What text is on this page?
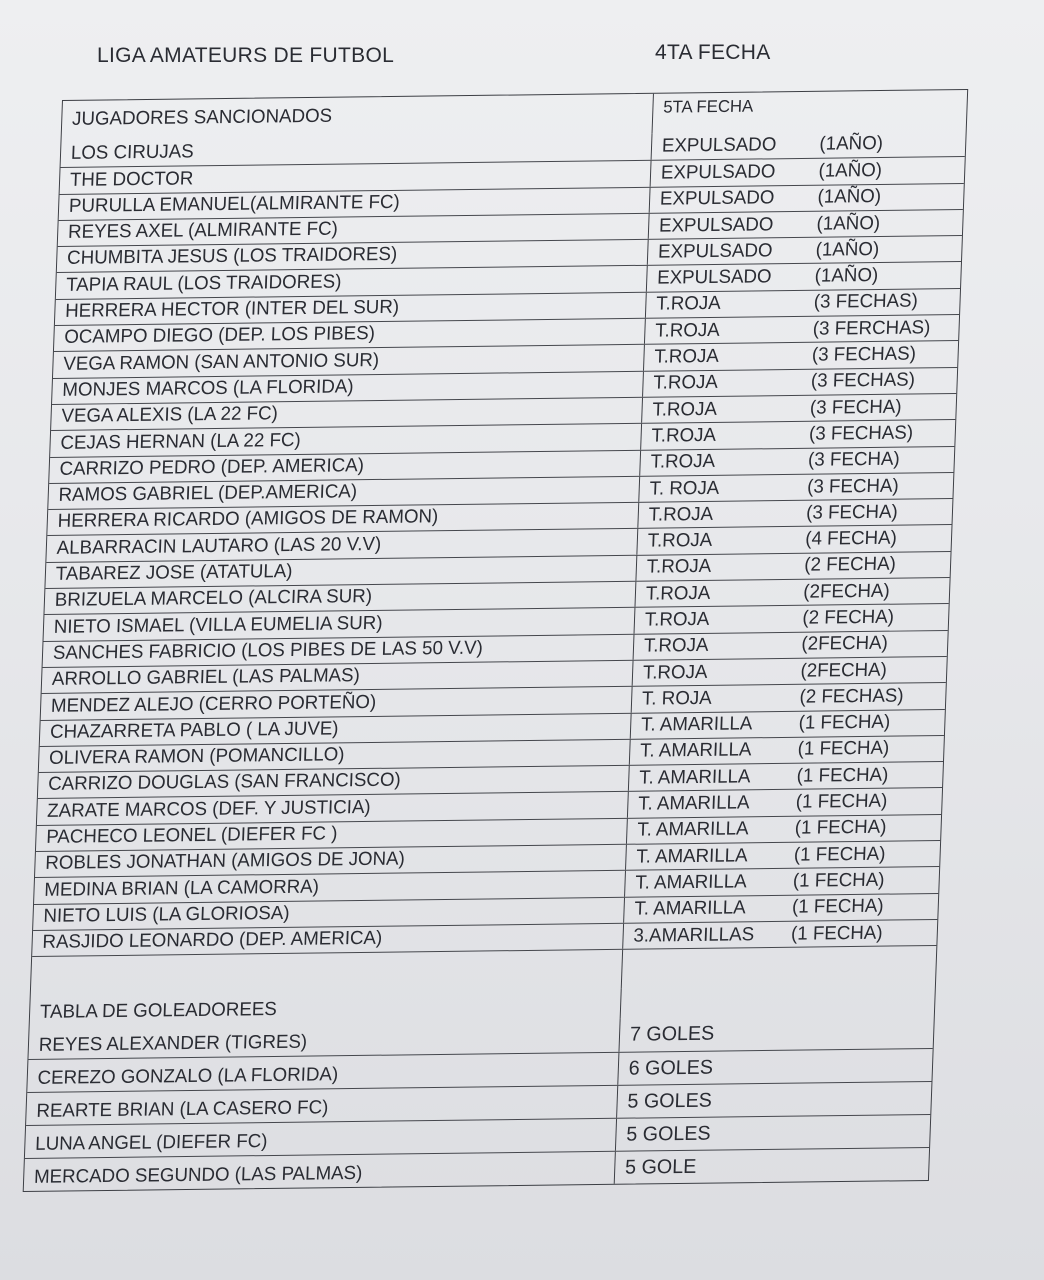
LIGA AMATEURS DE FUTBOL	4TA FECHA
JUGADORES SANCIONADOS	5TA FECHA
LOS CIRUJAS	EXPULSADO	(1AÑO)
THE DOCTOR	EXPULSADO	(1AÑO)
PURULLA EMANUEL(ALMIRANTE FC)	EXPULSADO	(1AÑO)
REYES AXEL (ALMIRANTE FC)	EXPULSADO	(1AÑO)
CHUMBITA JESUS (LOS TRAIDORES)	EXPULSADO	(1AÑO)
TAPIA RAUL (LOS TRAIDORES)	EXPULSADO	(1AÑO)
HERRERA HECTOR (INTER DEL SUR)	T.ROJA	(3 FECHAS)
OCAMPO DIEGO (DEP. LOS PIBES)	T.ROJA	(3 FERCHAS)
VEGA RAMON (SAN ANTONIO SUR)	T.ROJA	(3 FECHAS)
MONJES MARCOS (LA FLORIDA)	T.ROJA	(3 FECHAS)
VEGA ALEXIS (LA 22 FC)	T.ROJA	(3 FECHA)
CEJAS HERNAN (LA 22 FC)	T.ROJA	(3 FECHAS)
CARRIZO PEDRO (DEP. AMERICA)	T.ROJA	(3 FECHA)
RAMOS GABRIEL (DEP.AMERICA)	T. ROJA	(3 FECHA)
HERRERA RICARDO (AMIGOS DE RAMON)	T.ROJA	(3 FECHA)
ALBARRACIN LAUTARO (LAS 20 V.V)	T.ROJA	(4 FECHA)
TABAREZ JOSE (ATATULA)	T.ROJA	(2 FECHA)
BRIZUELA MARCELO (ALCIRA SUR)	T.ROJA	(2FECHA)
NIETO ISMAEL (VILLA EUMELIA SUR)	T.ROJA	(2 FECHA)
SANCHES FABRICIO (LOS PIBES DE LAS 50 V.V)	T.ROJA	(2FECHA)
ARROLLO GABRIEL (LAS PALMAS)	T.ROJA	(2FECHA)
MENDEZ ALEJO (CERRO PORTEÑO)	T. ROJA	(2 FECHAS)
CHAZARRETA PABLO ( LA JUVE)	T. AMARILLA	(1 FECHA)
OLIVERA RAMON (POMANCILLO)	T. AMARILLA	(1 FECHA)
CARRIZO DOUGLAS (SAN FRANCISCO)	T. AMARILLA	(1 FECHA)
ZARATE MARCOS (DEF. Y JUSTICIA)	T. AMARILLA	(1 FECHA)
PACHECO LEONEL (DIEFER FC )	T. AMARILLA	(1 FECHA)
ROBLES JONATHAN (AMIGOS DE JONA)	T. AMARILLA	(1 FECHA)
MEDINA BRIAN (LA CAMORRA)	T. AMARILLA	(1 FECHA)
NIETO LUIS (LA GLORIOSA)	T. AMARILLA	(1 FECHA)
RASJIDO LEONARDO (DEP. AMERICA)	3.AMARILLAS	(1 FECHA)
TABLA DE GOLEADOREES
REYES ALEXANDER (TIGRES)	7 GOLES
CEREZO GONZALO (LA FLORIDA)	6 GOLES
REARTE BRIAN (LA CASERO FC)	5 GOLES
LUNA ANGEL (DIEFER FC)	5 GOLES
MERCADO SEGUNDO (LAS PALMAS)	5 GOLE
